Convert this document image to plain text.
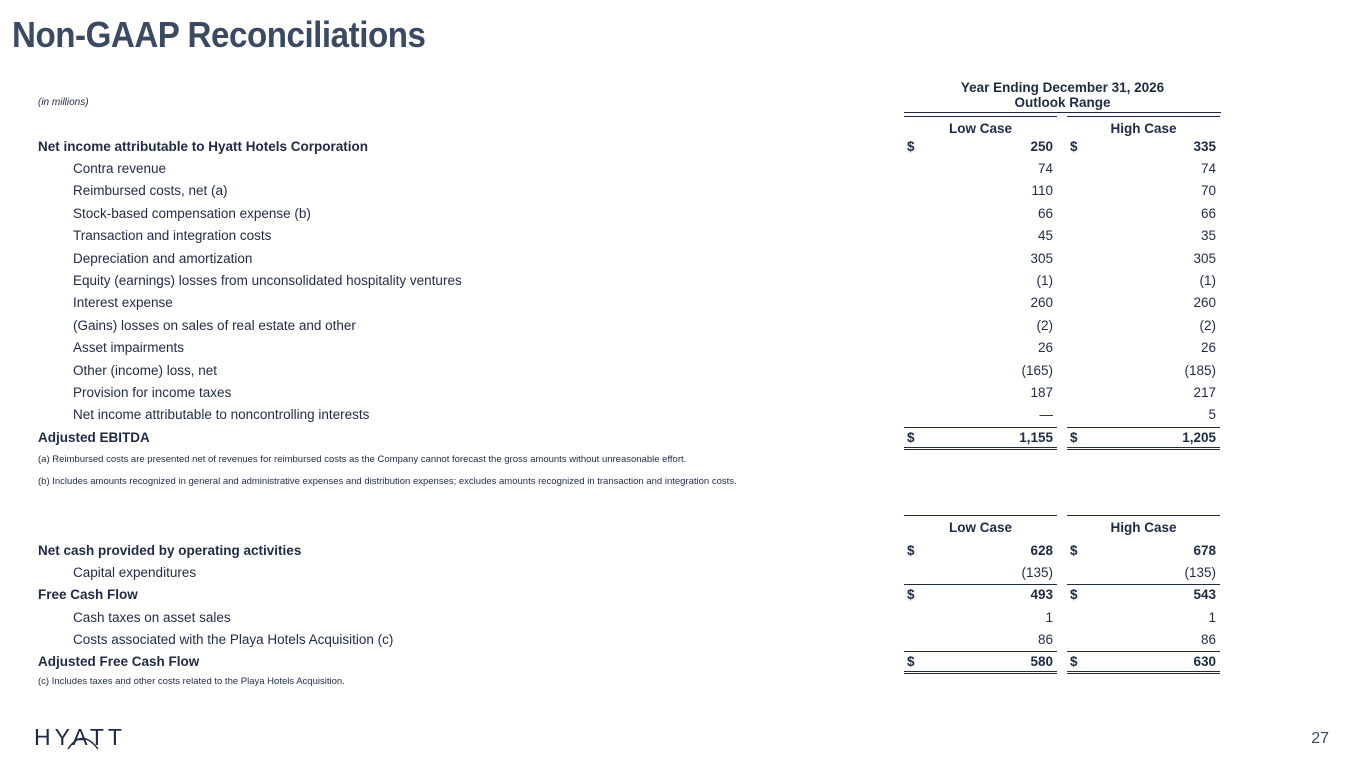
Non-GAAP Reconciliations
(in millions)
Year Ending December 31, 2026
Outlook Range
Low Case	High Case
Net income attributable to Hyatt Hotels Corporation	$	250 $	335
Contra revenue	74	74
Reimbursed costs, net (a)	110	70
Stock-based compensation expense (b)	66	66
Transaction and integration costs	45	35
Depreciation and amortization	305	305
Equity (earnings) losses from unconsolidated hospitality ventures	(1)	(1)
Interest expense	260	260
(Gains) losses on sales of real estate and other	(2)	(2)
Asset impairments	26	26
Other (income) loss, net	(165)	(185)
Provision for income taxes	187	217
Net income attributable to noncontrolling interests	—	5
Adjusted EBITDA	$	1,155 $	1,205
(a) Reimbursed costs are presented net of revenues for reimbursed costs as the Company cannot forecast the gross amounts without unreasonable effort.
(b) Includes amounts recognized in general and administrative expenses and distribution expenses; excludes amounts recognized in transaction and integration costs.
Low Case	High Case
Net cash provided by operating activities	$	628 $	678
Capital expenditures	(135)	(135)
Free Cash Flow	$	493 $	543
Cash taxes on asset sales	1	1
Costs associated with the Playa Hotels Acquisition (c)	86	86
Adjusted Free Cash Flow	$	580 $	630
(c) Includes taxes and other costs related to the Playa Hotels Acquisition.
HYATT	27
